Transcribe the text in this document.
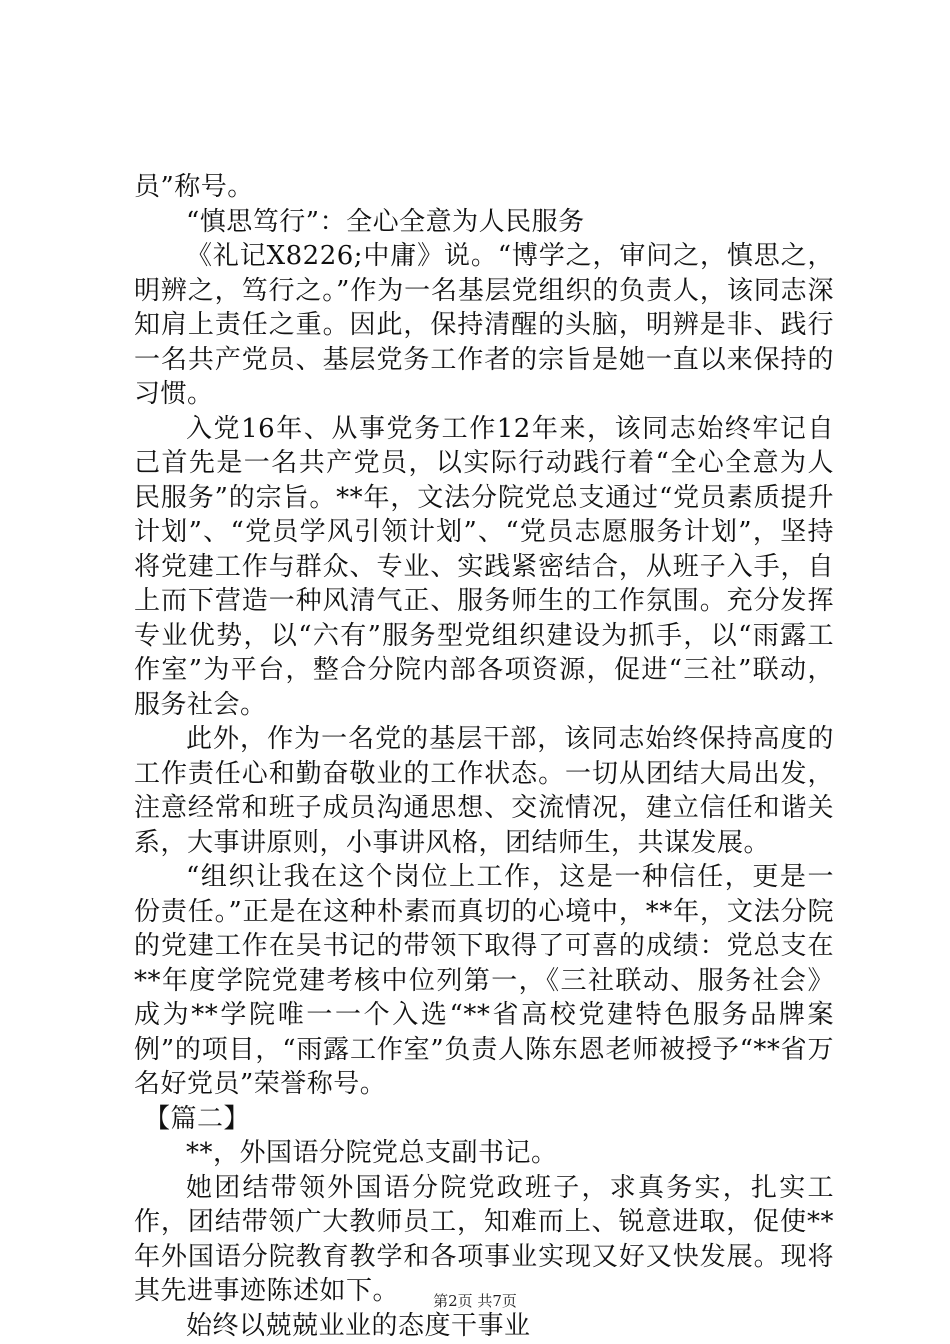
员”称号。

“慎思笃行”：全心全意为人民服务

《礼记X8226;中庸》说。“博学之，审问之，慎思之，明辨之，笃行之。”作为一名基层党组织的负责人，该同志深知肩上责任之重。因此，保持清醒的头脑，明辨是非、践行一名共产党员、基层党务工作者的宗旨是她一直以来保持的习惯。

入党16年、从事党务工作12年来，该同志始终牢记自己首先是一名共产党员，以实际行动践行着“全心全意为人民服务”的宗旨。**年，文法分院党总支通过“党员素质提升计划”、“党员学风引领计划”、“党员志愿服务计划”，坚持将党建工作与群众、专业、实践紧密结合，从班子入手，自上而下营造一种风清气正、服务师生的工作氛围。充分发挥专业优势，以“六有”服务型党组织建设为抓手，以“雨露工作室”为平台，整合分院内部各项资源，促进“三社”联动，服务社会。

此外，作为一名党的基层干部，该同志始终保持高度的工作责任心和勤奋敬业的工作状态。一切从团结大局出发，注意经常和班子成员沟通思想、交流情况，建立信任和谐关系，大事讲原则，小事讲风格，团结师生，共谋发展。

“组织让我在这个岗位上工作，这是一种信任，更是一份责任。”正是在这种朴素而真切的心境中，**年，文法分院的党建工作在吴书记的带领下取得了可喜的成绩：党总支在**年度学院党建考核中位列第一，《三社联动、服务社会》成为**学院唯一一个入选“**省高校党建特色服务品牌案例”的项目，“雨露工作室”负责人陈东恩老师被授予“**省万名好党员”荣誉称号。

【篇二】

**，外国语分院党总支副书记。

她团结带领外国语分院党政班子，求真务实，扎实工作，团结带领广大教师员工，知难而上、锐意进取，促使**年外国语分院教育教学和各项事业实现又好又快发展。现将其先进事迹陈述如下。

始终以兢兢业业的态度干事业

第2页 共7页
